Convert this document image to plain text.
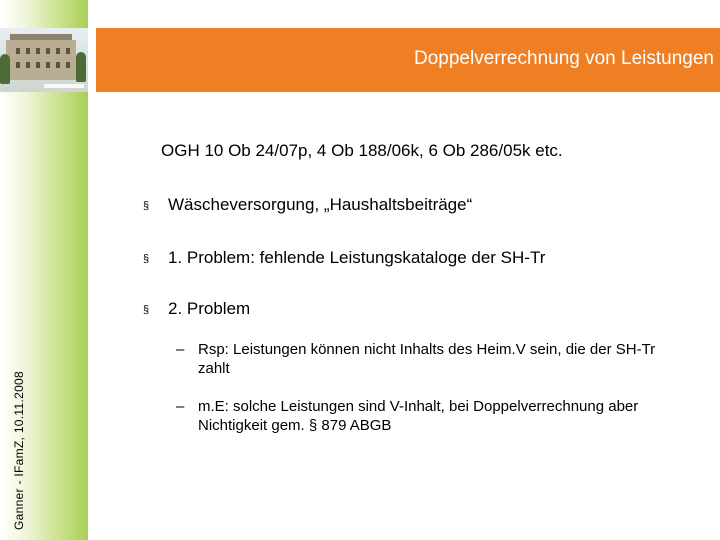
Doppelverrechnung von Leistungen
Ganner - IFamZ, 10.11.2008
OGH 10 Ob 24/07p, 4 Ob 188/06k, 6 Ob 286/05k etc.
§ Wäscheversorgung, „Haushaltsbeiträge“
§ 1. Problem: fehlende Leistungskataloge der SH-Tr
§ 2. Problem
– Rsp: Leistungen können nicht Inhalts des Heim.V sein, die der SH-Tr zahlt
– m.E: solche Leistungen sind V-Inhalt, bei Doppelverrechnung aber Nichtigkeit gem. § 879 ABGB
